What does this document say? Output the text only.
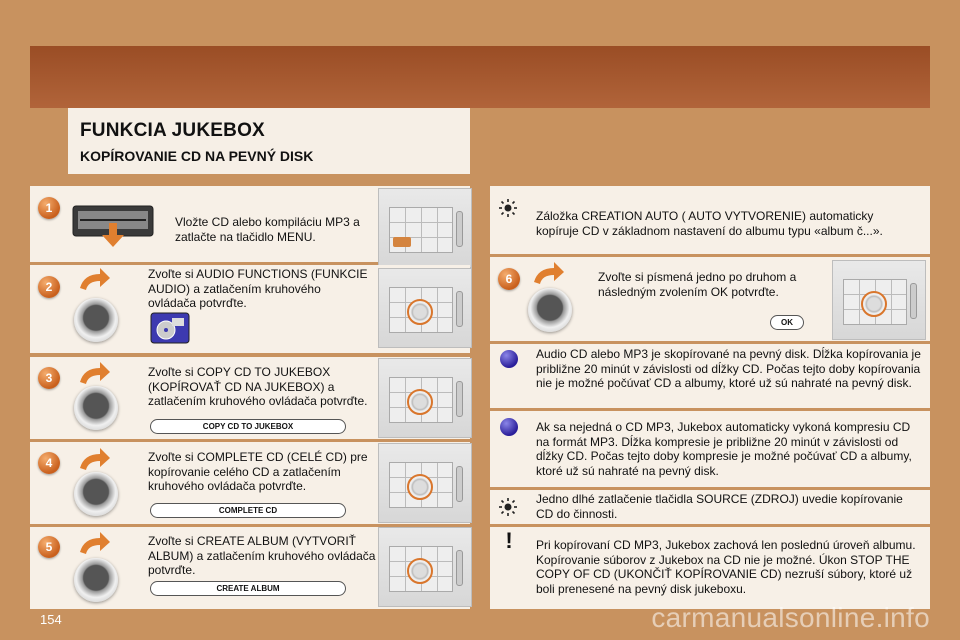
FUNKCIA JUKEBOX
KOPÍROVANIE CD NA PEVNÝ DISK
1
Vložte CD alebo kompiláciu MP3 a zatlačte na tlačidlo MENU.
2
Zvoľte si AUDIO FUNCTIONS (FUNKCIE AUDIO) a zatlačením kruhového ovládača potvrďte.
3	Zvoľte si COPY CD TO JUKEBOX (KOPÍROVAŤ CD NA JUKEBOX) a zatlačením kruhového ovládača potvrďte.
COPY CD TO JUKEBOX
4	Zvoľte si COMPLETE CD (CELÉ CD) pre kopírovanie celého CD a zatlačením kruhového ovládača potvrďte.
COMPLETE CD
5	Zvoľte si CREATE ALBUM (VYTVORIŤ ALBUM) a zatlačením kruhového ovládača potvrďte.
CREATE ALBUM
Záložka CREATION AUTO ( AUTO VYTVORENIE) automaticky kopíruje CD v základnom nastavení do albumu typu «album č...».
6	Zvoľte si písmená jedno po druhom a následným zvolením OK potvrďte.
OK
Audio CD alebo MP3 je skopírované na pevný disk. Dĺžka kopírovania je približne 20 minút v závislosti od dĺžky CD. Počas tejto doby kopírovania nie je možné počúvať CD a albumy, ktoré už sú nahraté na pevný disk.
Ak sa nejedná o CD MP3, Jukebox automaticky vykoná kompresiu CD na formát MP3. Dĺžka kompresie je približne 20 minút v závislosti od dĺžky CD. Počas tejto doby kompresie je možné počúvať CD a albumy, ktoré už sú nahraté na pevný disk.
Jedno dlhé zatlačenie tlačidla SOURCE (ZDROJ) uvedie kopírovanie CD do činnosti.
!	Pri kopírovaní CD MP3, Jukebox zachová len poslednú úroveň albumu. Kopírovanie súborov z Jukebox na CD nie je možné. Úkon STOP THE COPY OF CD (UKONČIŤ KOPÍROVANIE CD) nezruší súbory, ktoré už boli prenesené na pevný disk jukeboxu.
154	carmanualsonline.info
